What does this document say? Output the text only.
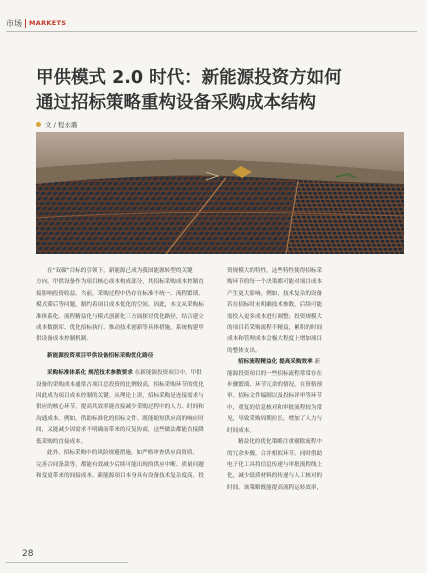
市场 MARKETS
甲供模式 2.0 时代：新能源投资方如何
通过招标策略重构设备采购成本结构
文 / 程永璐

在“双碳”目标的引领下，新能源已成为我国能源转型的关键

方向。甲供设备作为项目核心成本构成部分，其招标采购成本控制直

接影响投资收益。当前，采购过程中仍存在标准不统一、流程繁琐、

模式滞后等问题，制约着项目成本优化的空间。因此，本文从采购标

准体系化、流程精益化与模式创新化三方面探讨优化路径，结合建立

成本数据库、优化招标执行、推动技术创新等具体措施，系统构建甲

供设备成本控制机制。

新能源投资项目甲供设备招标采购优化路径

采购标准体系化 规范技术参数要求 在新能源投资项目中，甲供

设备的采购成本通常占项目总投资的比例较高，招标采购环节的优化

因此成为项目成本控制的关键。从理论上讲，招标采购是连接需求与

供应的核心环节，提高其效率能直接减少采购过程中的人力、时间和

沟通成本。例如，借助标准化的招标文件、既能缩短供应商的响应时

间，又能减少因需求不明确而带来的反复协商，这些做法都能直接降

低采购的直接成本。

此外，招标采购中的风险规避措施，如严格审查供应商资质、

完善合同条款等，都能有效减少后续可能出现的供应中断、质量问题

和变更带来的间接成本。新能源项目本身具有设备技术复杂度高，投

资规模大的特性，这些特性使得招标采

购环节的每一个决策都可能对项目成本

产生更大影响。例如，技术复杂的设备

若在招标时未明确技术参数，后续可能

需投入更多成本进行调整；投资规模大

的项目若采购流程不精益，累积的时间

成本和管理成本会极大程度上增加项目

的整体支出。

招标流程精益化 提高采购效率 新

能源投资项目的一些招标流程常常存在

步骤繁琐、环节冗余的情况。在资格预

审、招标文件编制以及投标评审等环节

中，重复的信息核对和审批流程较为常

见，导致采购周期拉长，增加了人力与

时间成本。

精益化的优化策略注重剔除流程中

的冗余步骤，合并相似环节。同时借助

电子化工具将信息传递与审批流程线上

化，减少纸质材料的传递与人工核对的

时间。该策略既能提高流程运转效率，

28
